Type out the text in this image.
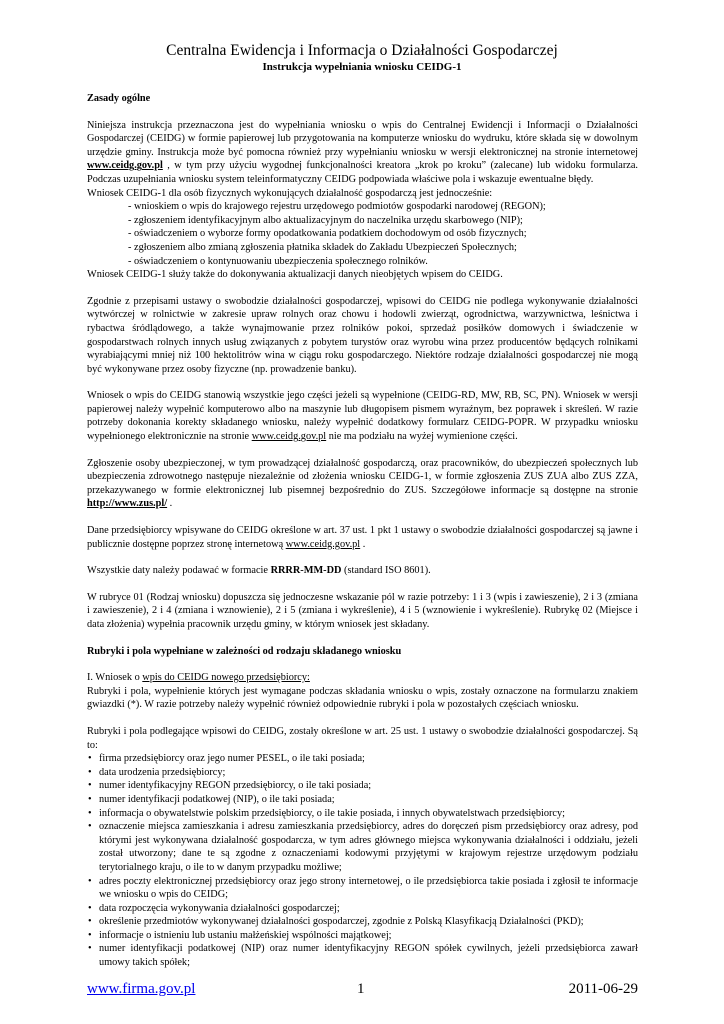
Centralna Ewidencja i Informacja o Działalności Gospodarczej
Instrukcja wypełniania wniosku CEIDG-1

Zasady ogólne

Niniejsza instrukcja przeznaczona jest do wypełniania wniosku o wpis do Centralnej Ewidencji i Informacji o Działalności Gospodarczej (CEIDG) w formie papierowej lub przygotowania na komputerze wniosku do wydruku, które składa się w dowolnym urzędzie gminy. Instrukcja może być pomocna również przy wypełnianiu wniosku w wersji elektronicznej na stronie internetowej www.ceidg.gov.pl , w tym przy użyciu wygodnej funkcjonalności kreatora „krok po kroku” (zalecane) lub widoku formularza. Podczas uzupełniania wniosku system teleinformatyczny CEIDG podpowiada właściwe pola i wskazuje ewentualne błędy.

Wniosek CEIDG-1 dla osób fizycznych wykonujących działalność gospodarczą jest jednocześnie:

- wnioskiem o wpis do krajowego rejestru urzędowego podmiotów gospodarki narodowej (REGON);

- zgłoszeniem identyfikacyjnym albo aktualizacyjnym do naczelnika urzędu skarbowego (NIP);

- oświadczeniem o wyborze formy opodatkowania podatkiem dochodowym od osób fizycznych;

- zgłoszeniem albo zmianą zgłoszenia płatnika składek do Zakładu Ubezpieczeń Społecznych;

- oświadczeniem o kontynuowaniu ubezpieczenia społecznego rolników.

Wniosek CEIDG-1 służy także do dokonywania aktualizacji danych nieobjętych wpisem do CEIDG.

Zgodnie z przepisami ustawy o swobodzie działalności gospodarczej, wpisowi do CEIDG nie podlega wykonywanie działalności wytwórczej w rolnictwie w zakresie upraw rolnych oraz chowu i hodowli zwierząt, ogrodnictwa, warzywnictwa, leśnictwa i rybactwa śródlądowego, a także wynajmowanie przez rolników pokoi, sprzedaż posiłków domowych i świadczenie w gospodarstwach rolnych innych usług związanych z pobytem turystów oraz wyrobu wina przez producentów będących rolnikami wyrabiającymi mniej niż 100 hektolitrów wina w ciągu roku gospodarczego. Niektóre rodzaje działalności gospodarczej nie mogą być wykonywane przez osoby fizyczne (np. prowadzenie banku).

Wniosek o wpis do CEIDG stanowią wszystkie jego części jeżeli są wypełnione (CEIDG-RD, MW, RB, SC, PN). Wniosek w wersji papierowej należy wypełnić komputerowo albo na maszynie lub długopisem pismem wyraźnym, bez poprawek i skreśleń. W razie potrzeby dokonania korekty składanego wniosku, należy wypełnić dodatkowy formularz CEIDG-POPR. W przypadku wniosku wypełnionego elektronicznie na stronie www.ceidg.gov.pl nie ma podziału na wyżej wymienione części.

Zgłoszenie osoby ubezpieczonej, w tym prowadzącej działalność gospodarczą, oraz pracowników, do ubezpieczeń społecznych lub ubezpieczenia zdrowotnego następuje niezależnie od złożenia wniosku CEIDG-1, w formie zgłoszenia ZUS ZUA albo ZUS ZZA, przekazywanego w formie elektronicznej lub pisemnej bezpośrednio do ZUS. Szczegółowe informacje są dostępne na stronie http://www.zus.pl/ .

Dane przedsiębiorcy wpisywane do CEIDG określone w art. 37 ust. 1 pkt 1 ustawy o swobodzie działalności gospodarczej są jawne i publicznie dostępne poprzez stronę internetową www.ceidg.gov.pl .

Wszystkie daty należy podawać w formacie RRRR-MM-DD (standard ISO 8601).

W rubryce 01 (Rodzaj wniosku) dopuszcza się jednoczesne wskazanie pól w razie potrzeby: 1 i 3 (wpis i zawieszenie), 2 i 3 (zmiana i zawieszenie), 2 i 4 (zmiana i wznowienie), 2 i 5 (zmiana i wykreślenie), 4 i 5 (wznowienie i wykreślenie). Rubrykę 02 (Miejsce i data złożenia) wypełnia pracownik urzędu gminy, w którym wniosek jest składany.

Rubryki i pola wypełniane w zależności od rodzaju składanego wniosku

I. Wniosek o wpis do CEIDG nowego przedsiębiorcy:

Rubryki i pola, wypełnienie których jest wymagane podczas składania wniosku o wpis, zostały oznaczone na formularzu znakiem gwiazdki (*). W razie potrzeby należy wypełnić również odpowiednie rubryki i pola w pozostałych częściach wniosku.

Rubryki i pola podlegające wpisowi do CEIDG, zostały określone w art. 25 ust. 1 ustawy o swobodzie działalności gospodarczej. Są to:

• firma przedsiębiorcy oraz jego numer PESEL, o ile taki posiada;
• data urodzenia przedsiębiorcy;
• numer identyfikacyjny REGON przedsiębiorcy, o ile taki posiada;
• numer identyfikacji podatkowej (NIP), o ile taki posiada;
• informacja o obywatelstwie polskim przedsiębiorcy, o ile takie posiada, i innych obywatelstwach przedsiębiorcy;
• oznaczenie miejsca zamieszkania i adresu zamieszkania przedsiębiorcy, adres do doręczeń pism przedsiębiorcy oraz adresy, pod którymi jest wykonywana działalność gospodarcza, w tym adres głównego miejsca wykonywania działalności i oddziału, jeżeli został utworzony; dane te są zgodne z oznaczeniami kodowymi przyjętymi w krajowym rejestrze urzędowym podziału terytorialnego kraju, o ile to w danym przypadku możliwe;
• adres poczty elektronicznej przedsiębiorcy oraz jego strony internetowej, o ile przedsiębiorca takie posiada i zgłosił te informacje we wniosku o wpis do CEIDG;
• data rozpoczęcia wykonywania działalności gospodarczej;
• określenie przedmiotów wykonywanej działalności gospodarczej, zgodnie z Polską Klasyfikacją Działalności (PKD);
• informacje o istnieniu lub ustaniu małżeńskiej wspólności majątkowej;
• numer identyfikacji podatkowej (NIP) oraz numer identyfikacyjny REGON spółek cywilnych, jeżeli przedsiębiorca zawarł umowy takich spółek;
www.firma.gov.pl	1	2011-06-29
